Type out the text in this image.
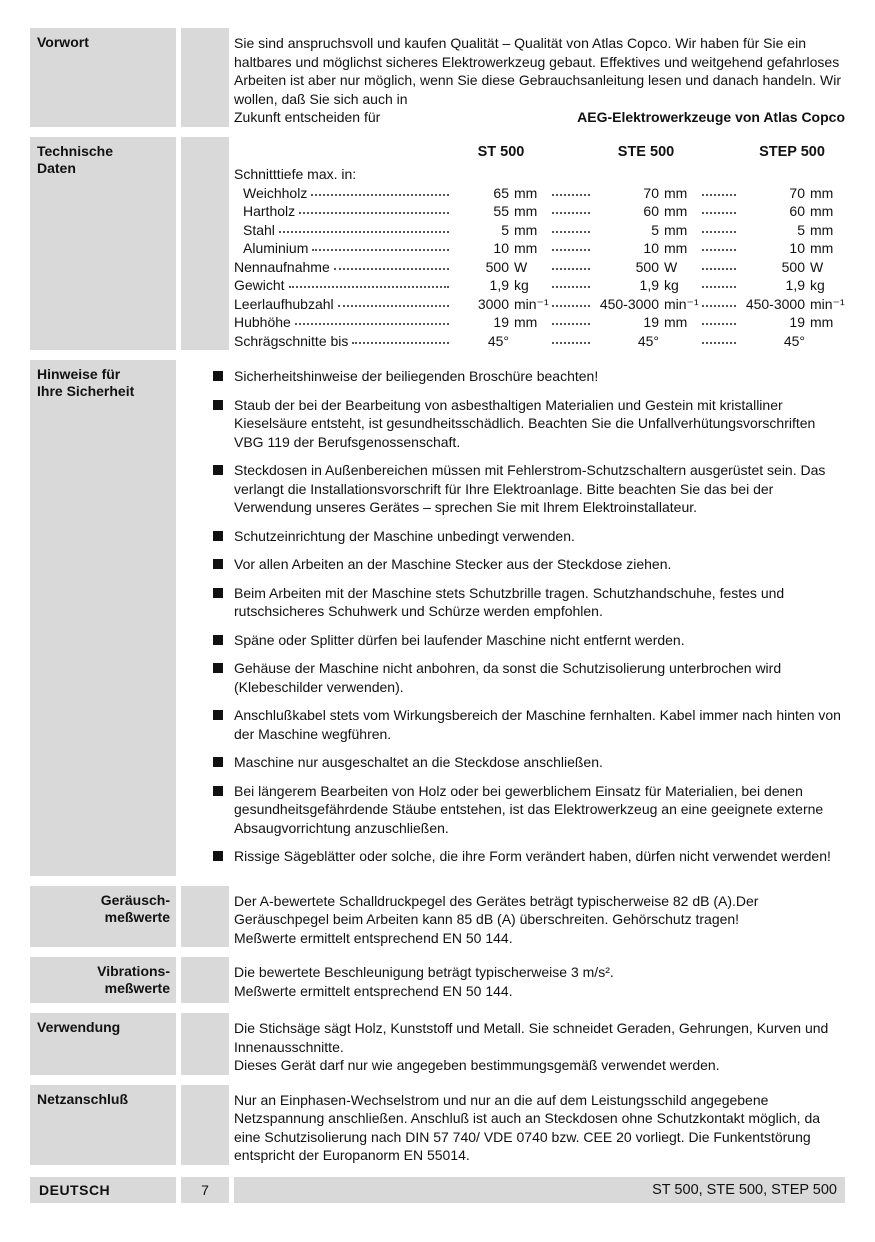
Vorwort	Sie sind anspruchsvoll und kaufen Qualität – Qualität von Atlas Copco. Wir haben für Sie ein haltbares und möglichst sicheres Elektrowerkzeug gebaut. Effektives und weitgehend gefahrloses Arbeiten ist aber nur möglich, wenn Sie diese Gebrauchsanleitung lesen und danach handeln. Wir wollen, daß Sie sich auch in

Zukunft entscheiden für	AEG-Elektrowerkzeuge von Atlas Copco
Technische
Daten
ST 500	STE 500	STEP 500
Schnitttiefe max. in:
Weichholz	65 mm	70 mm	70 mm
Hartholz	55 mm	60 mm	60 mm
Stahl	5 mm	5 mm	5 mm
Aluminium	10 mm	10 mm	10 mm
Nennaufnahme	500 W	500 W	500 W
Gewicht	1,9 kg	1,9 kg	1,9 kg
Leerlaufhubzahl	3000 min⁻¹	450-3000 min⁻¹	450-3000 min⁻¹
Hubhöhe	19 mm	19 mm	19 mm
Schrägschnitte bis	45°	45°	45°
Hinweise für
Ihre Sicherheit
Sicherheitshinweise der beiliegenden Broschüre beachten!
Staub der bei der Bearbeitung von asbesthaltigen Materialien und Gestein mit kristalliner Kieselsäure entsteht, ist gesundheitsschädlich. Beachten Sie die Unfallverhütungsvorschriften VBG 119 der Berufsgenossenschaft.
Steckdosen in Außenbereichen müssen mit Fehlerstrom-Schutzschaltern ausgerüstet sein. Das verlangt die Installationsvorschrift für Ihre Elektroanlage. Bitte beachten Sie das bei der Verwendung unseres Gerätes – sprechen Sie mit Ihrem Elektroinstallateur.
Schutzeinrichtung der Maschine unbedingt verwenden.
Vor allen Arbeiten an der Maschine Stecker aus der Steckdose ziehen.
Beim Arbeiten mit der Maschine stets Schutzbrille tragen. Schutzhandschuhe, festes und rutschsicheres Schuhwerk und Schürze werden empfohlen.
Späne oder Splitter dürfen bei laufender Maschine nicht entfernt werden.
Gehäuse der Maschine nicht anbohren, da sonst die Schutzisolierung unterbrochen wird (Klebeschilder verwenden).
Anschlußkabel stets vom Wirkungsbereich der Maschine fernhalten. Kabel immer nach hinten von der Maschine wegführen.
Maschine nur ausgeschaltet an die Steckdose anschließen.
Bei längerem Bearbeiten von Holz oder bei gewerblichem Einsatz für Materialien, bei denen gesundheitsgefährdende Stäube entstehen, ist das Elektrowerkzeug an eine geeignete externe Absaugvorrichtung anzuschließen.
Rissige Sägeblätter oder solche, die ihre Form verändert haben, dürfen nicht verwendet werden!
Geräusch-
meßwerte

Der A-bewertete Schalldruckpegel des Gerätes beträgt typischerweise 82 dB (A).Der Geräuschpegel beim Arbeiten kann 85 dB (A) überschreiten. Gehörschutz tragen!

Meßwerte ermittelt entsprechend EN 50 144.

Vibrations-
meßwerte

Die bewertete Beschleunigung beträgt typischerweise 3 m/s².

Meßwerte ermittelt entsprechend EN 50 144.

Verwendung	Die Stichsäge sägt Holz, Kunststoff und Metall. Sie schneidet Geraden, Gehrungen, Kurven und Innenausschnitte.

Dieses Gerät darf nur wie angegeben bestimmungsgemäß verwendet werden.

Netzanschluß	Nur an Einphasen-Wechselstrom und nur an die auf dem Leistungsschild angegebene Netzspannung anschließen. Anschluß ist auch an Steckdosen ohne Schutzkontakt möglich, da eine Schutzisolierung nach DIN 57 740/ VDE 0740 bzw. CEE 20 vorliegt. Die Funkentstörung entspricht der Europanorm EN 55014.

DEUTSCH	7	ST 500, STE 500, STEP 500
